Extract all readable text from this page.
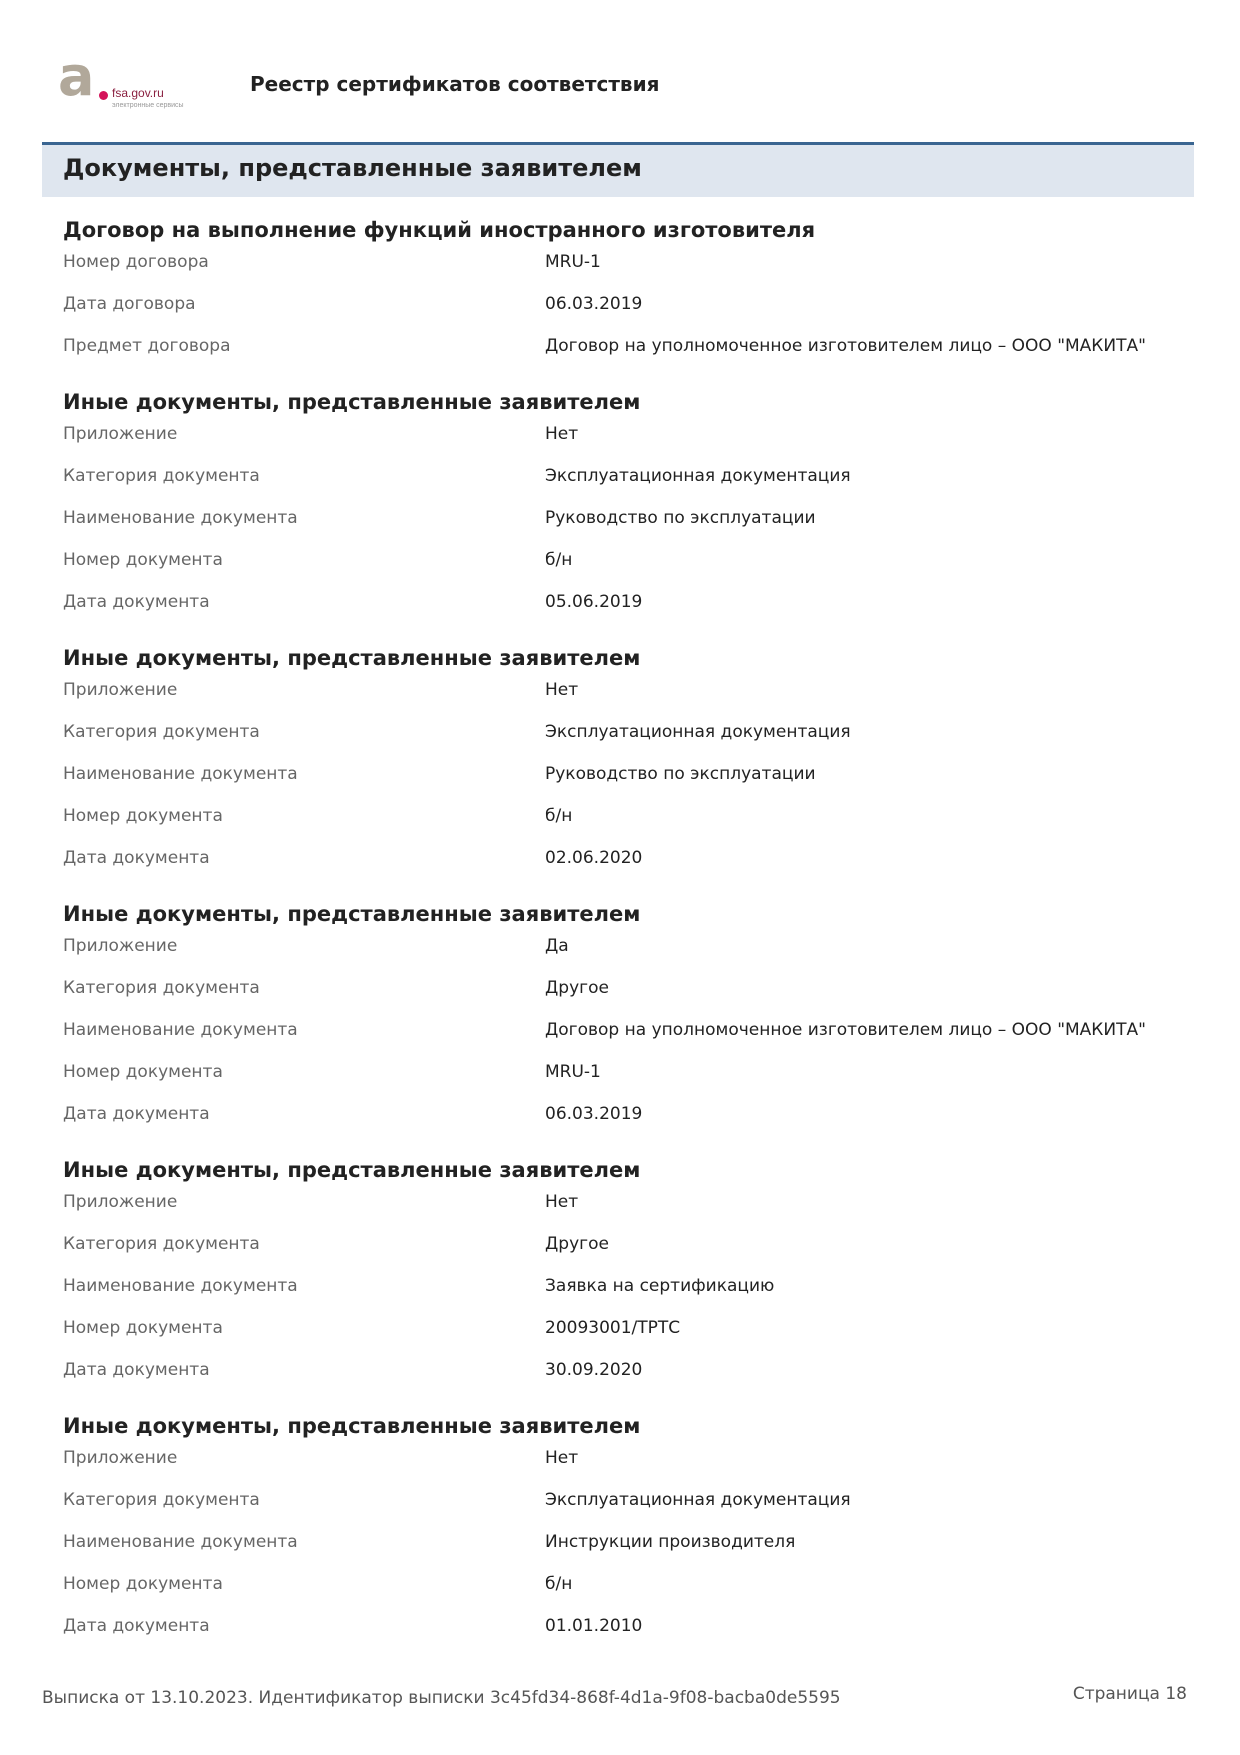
a fsa.gov.ru
электронные сервисы
Реестр сертификатов соответствия
Документы, представленные заявителем
Договор на выполнение функций иностранного изготовителя
Номер договора	MRU-1
Дата договора	06.03.2019
Предмет договора	Договор на уполномоченное изготовителем лицо – ООО "МАКИТА"
Иные документы, представленные заявителем
Приложение	Нет
Категория документа	Эксплуатационная документация
Наименование документа	Руководство по эксплуатации
Номер документа	б/н
Дата документа	05.06.2019
Иные документы, представленные заявителем
Приложение	Нет
Категория документа	Эксплуатационная документация
Наименование документа	Руководство по эксплуатации
Номер документа	б/н
Дата документа	02.06.2020
Иные документы, представленные заявителем
Приложение	Да
Категория документа	Другое
Наименование документа	Договор на уполномоченное изготовителем лицо – ООО "МАКИТА"
Номер документа	MRU-1
Дата документа	06.03.2019
Иные документы, представленные заявителем
Приложение	Нет
Категория документа	Другое
Наименование документа	Заявка на сертификацию
Номер документа	20093001/ТРТС
Дата документа	30.09.2020
Иные документы, представленные заявителем
Приложение	Нет
Категория документа	Эксплуатационная документация
Наименование документа	Инструкции производителя
Номер документа	б/н
Дата документа	01.01.2010
Выписка от 13.10.2023. Идентификатор выписки 3c45fd34-868f-4d1a-9f08-bacba0de5595	Страница 18
